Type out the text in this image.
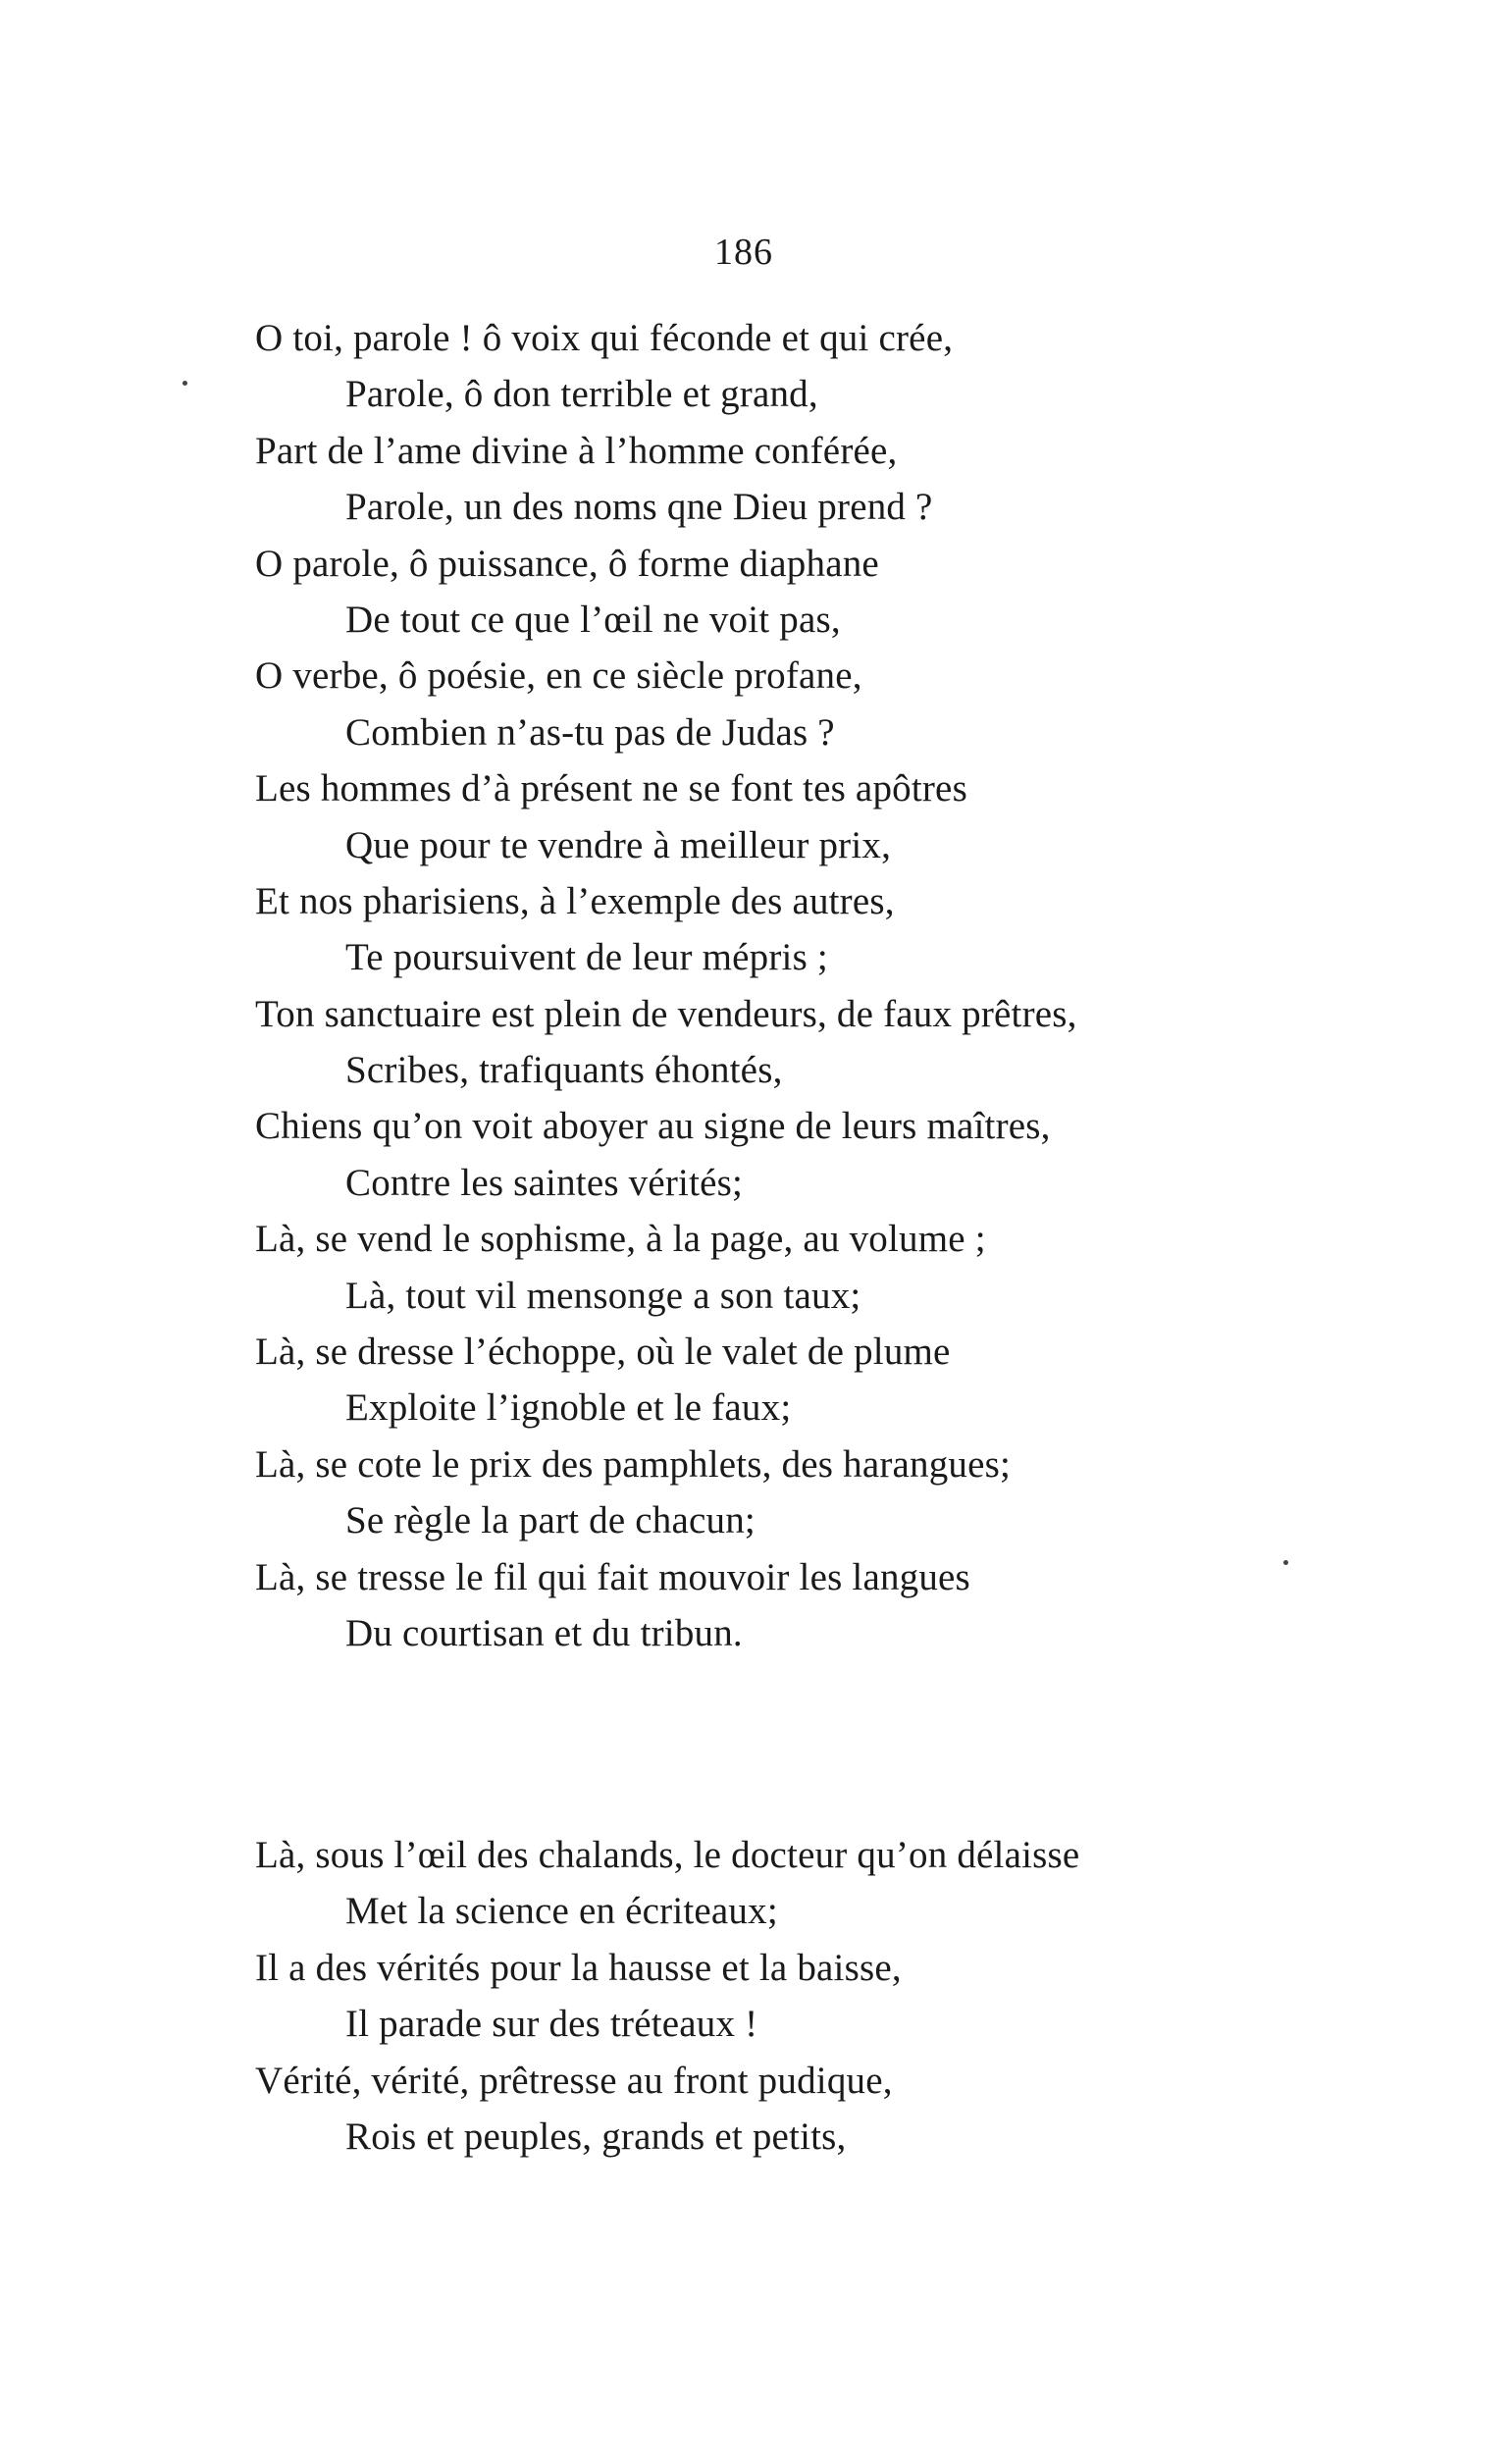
186
O toi, parole ! ô voix qui féconde et qui crée,
Parole, ô don terrible et grand,
Part de l’ame divine à l’homme conférée,
Parole, un des noms qne Dieu prend ?
O parole, ô puissance, ô forme diaphane
De tout ce que l’œil ne voit pas,
O verbe, ô poésie, en ce siècle profane,
Combien n’as-tu pas de Judas ?
Les hommes d’à présent ne se font tes apôtres
Que pour te vendre à meilleur prix,
Et nos pharisiens, à l’exemple des autres,
Te poursuivent de leur mépris ;
Ton sanctuaire est plein de vendeurs, de faux prêtres,
Scribes, trafiquants éhontés,
Chiens qu’on voit aboyer au signe de leurs maîtres,
Contre les saintes vérités;
Là, se vend le sophisme, à la page, au volume ;
Là, tout vil mensonge a son taux;
Là, se dresse l’échoppe, où le valet de plume
Exploite l’ignoble et le faux;
Là, se cote le prix des pamphlets, des harangues;
Se règle la part de chacun;
Là, se tresse le fil qui fait mouvoir les langues
Du courtisan et du tribun.
Là, sous l’œil des chalands, le docteur qu’on délaisse
Met la science en écriteaux;
Il a des vérités pour la hausse et la baisse,
Il parade sur des tréteaux !
Vérité, vérité, prêtresse au front pudique,
Rois et peuples, grands et petits,
